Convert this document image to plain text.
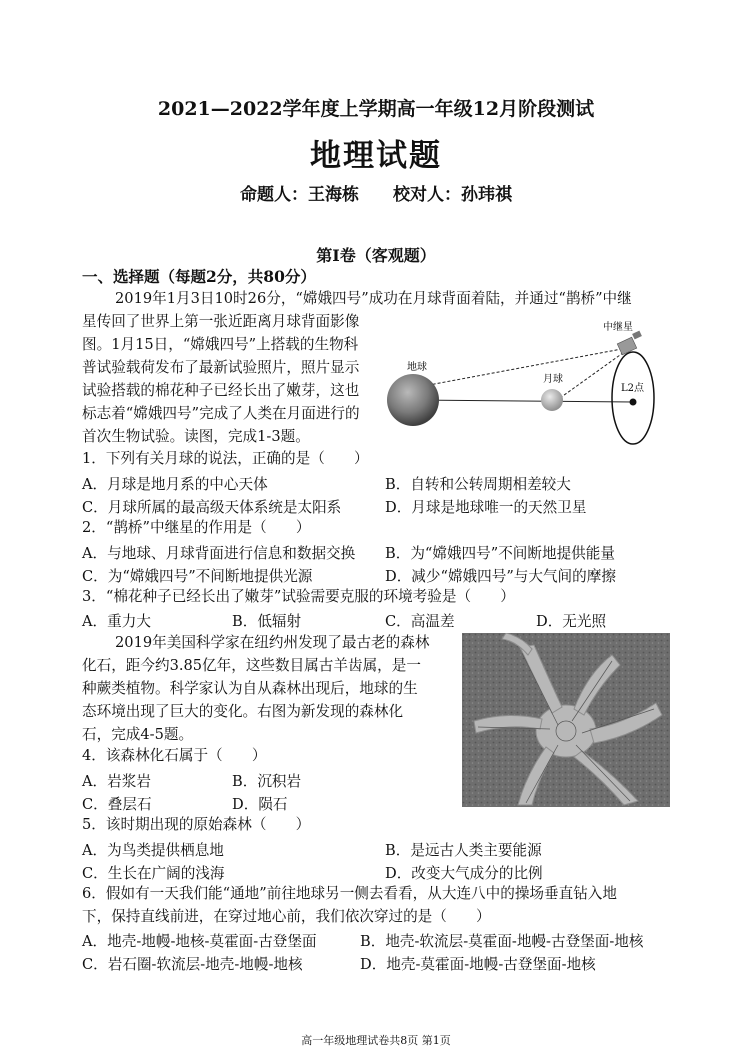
2021—2022学年度上学期高一年级12月阶段测试
地理试题
命题人：王海栋 校对人：孙玮祺
第Ⅰ卷（客观题）
一、选择题（每题2分，共80分）
2019年1月3日10时26分，“嫦娥四号”成功在月球背面着陆，并通过“鹊桥”中继
星传回了世界上第一张近距离月球背面影像
图。1月15日，“嫦娥四号”上搭载的生物科
普试验载荷发布了最新试验照片，照片显示
试验搭载的棉花种子已经长出了嫩芽，这也
标志着“嫦娥四号”完成了人类在月面进行的
首次生物试验。读图，完成1-3题。
地球
月球
L2点
中继星
1．下列有关月球的说法，正确的是（　　）
A．月球是地月系的中心天体	B．自转和公转周期相差较大
C．月球所属的最高级天体系统是太阳系	D．月球是地球唯一的天然卫星
2．“鹊桥”中继星的作用是（　　）
A．与地球、月球背面进行信息和数据交换 B．为“嫦娥四号”不间断地提供能量
C．为“嫦娥四号”不间断地提供光源	D．减少“嫦娥四号”与大气间的摩擦
3．“棉花种子已经长出了嫩芽”试验需要克服的环境考验是（　　）
A．重力大	B．低辐射	C．高温差	D．无光照
2019年美国科学家在纽约州发现了最古老的森林
化石，距今约3.85亿年，这些数目属古羊齿属，是一
种蕨类植物。科学家认为自从森林出现后，地球的生
态环境出现了巨大的变化。右图为新发现的森林化
石，完成4-5题。
4．该森林化石属于（　　）
A．岩浆岩	B．沉积岩
C．叠层石	D．陨石
5．该时期出现的原始森林（　　）
A．为鸟类提供栖息地	B．是远古人类主要能源
C．生长在广阔的浅海	D．改变大气成分的比例
6．假如有一天我们能“通地”前往地球另一侧去看看，从大连八中的操场垂直钻入地
下，保持直线前进，在穿过地心前，我们依次穿过的是（　　）
A．地壳-地幔-地核-莫霍面-古登堡面	B．地壳-软流层-莫霍面-地幔-古登堡面-地核
C．岩石圈-软流层-地壳-地幔-地核	D．地壳-莫霍面-地幔-古登堡面-地核
高一年级地理试卷共8页 第1页
